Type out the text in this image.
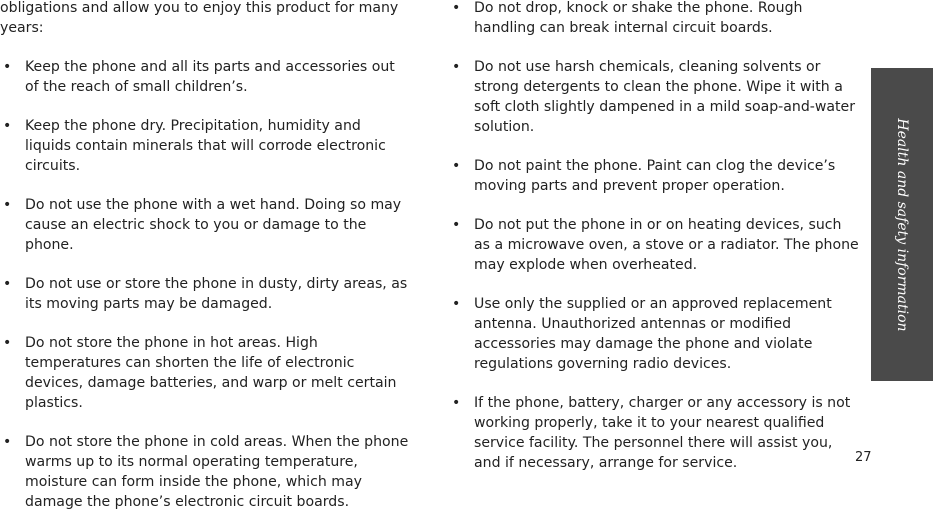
obligations and allow you to enjoy this product for many years:

• Keep the phone and all its parts and accessories out of the reach of small children’s.
• Keep the phone dry. Precipitation, humidity and liquids contain minerals that will corrode electronic circuits.
• Do not use the phone with a wet hand. Doing so may cause an electric shock to you or damage to the phone.
• Do not use or store the phone in dusty, dirty areas, as its moving parts may be damaged.
• Do not store the phone in hot areas. High temperatures can shorten the life of electronic devices, damage batteries, and warp or melt certain plastics.
• Do not store the phone in cold areas. When the phone warms up to its normal operating temperature, moisture can form inside the phone, which may damage the phone’s electronic circuit boards.
• Do not drop, knock or shake the phone. Rough handling can break internal circuit boards.
• Do not use harsh chemicals, cleaning solvents or strong detergents to clean the phone. Wipe it with a soft cloth slightly dampened in a mild soap-and-water solution.
• Do not paint the phone. Paint can clog the device’s moving parts and prevent proper operation.
• Do not put the phone in or on heating devices, such as a microwave oven, a stove or a radiator. The phone may explode when overheated.
• Use only the supplied or an approved replacement antenna. Unauthorized antennas or modified accessories may damage the phone and violate regulations governing radio devices.
• If the phone, battery, charger or any accessory is not working properly, take it to your nearest qualified service facility. The personnel there will assist you, and if necessary, arrange for service.
Health and safety information
27
